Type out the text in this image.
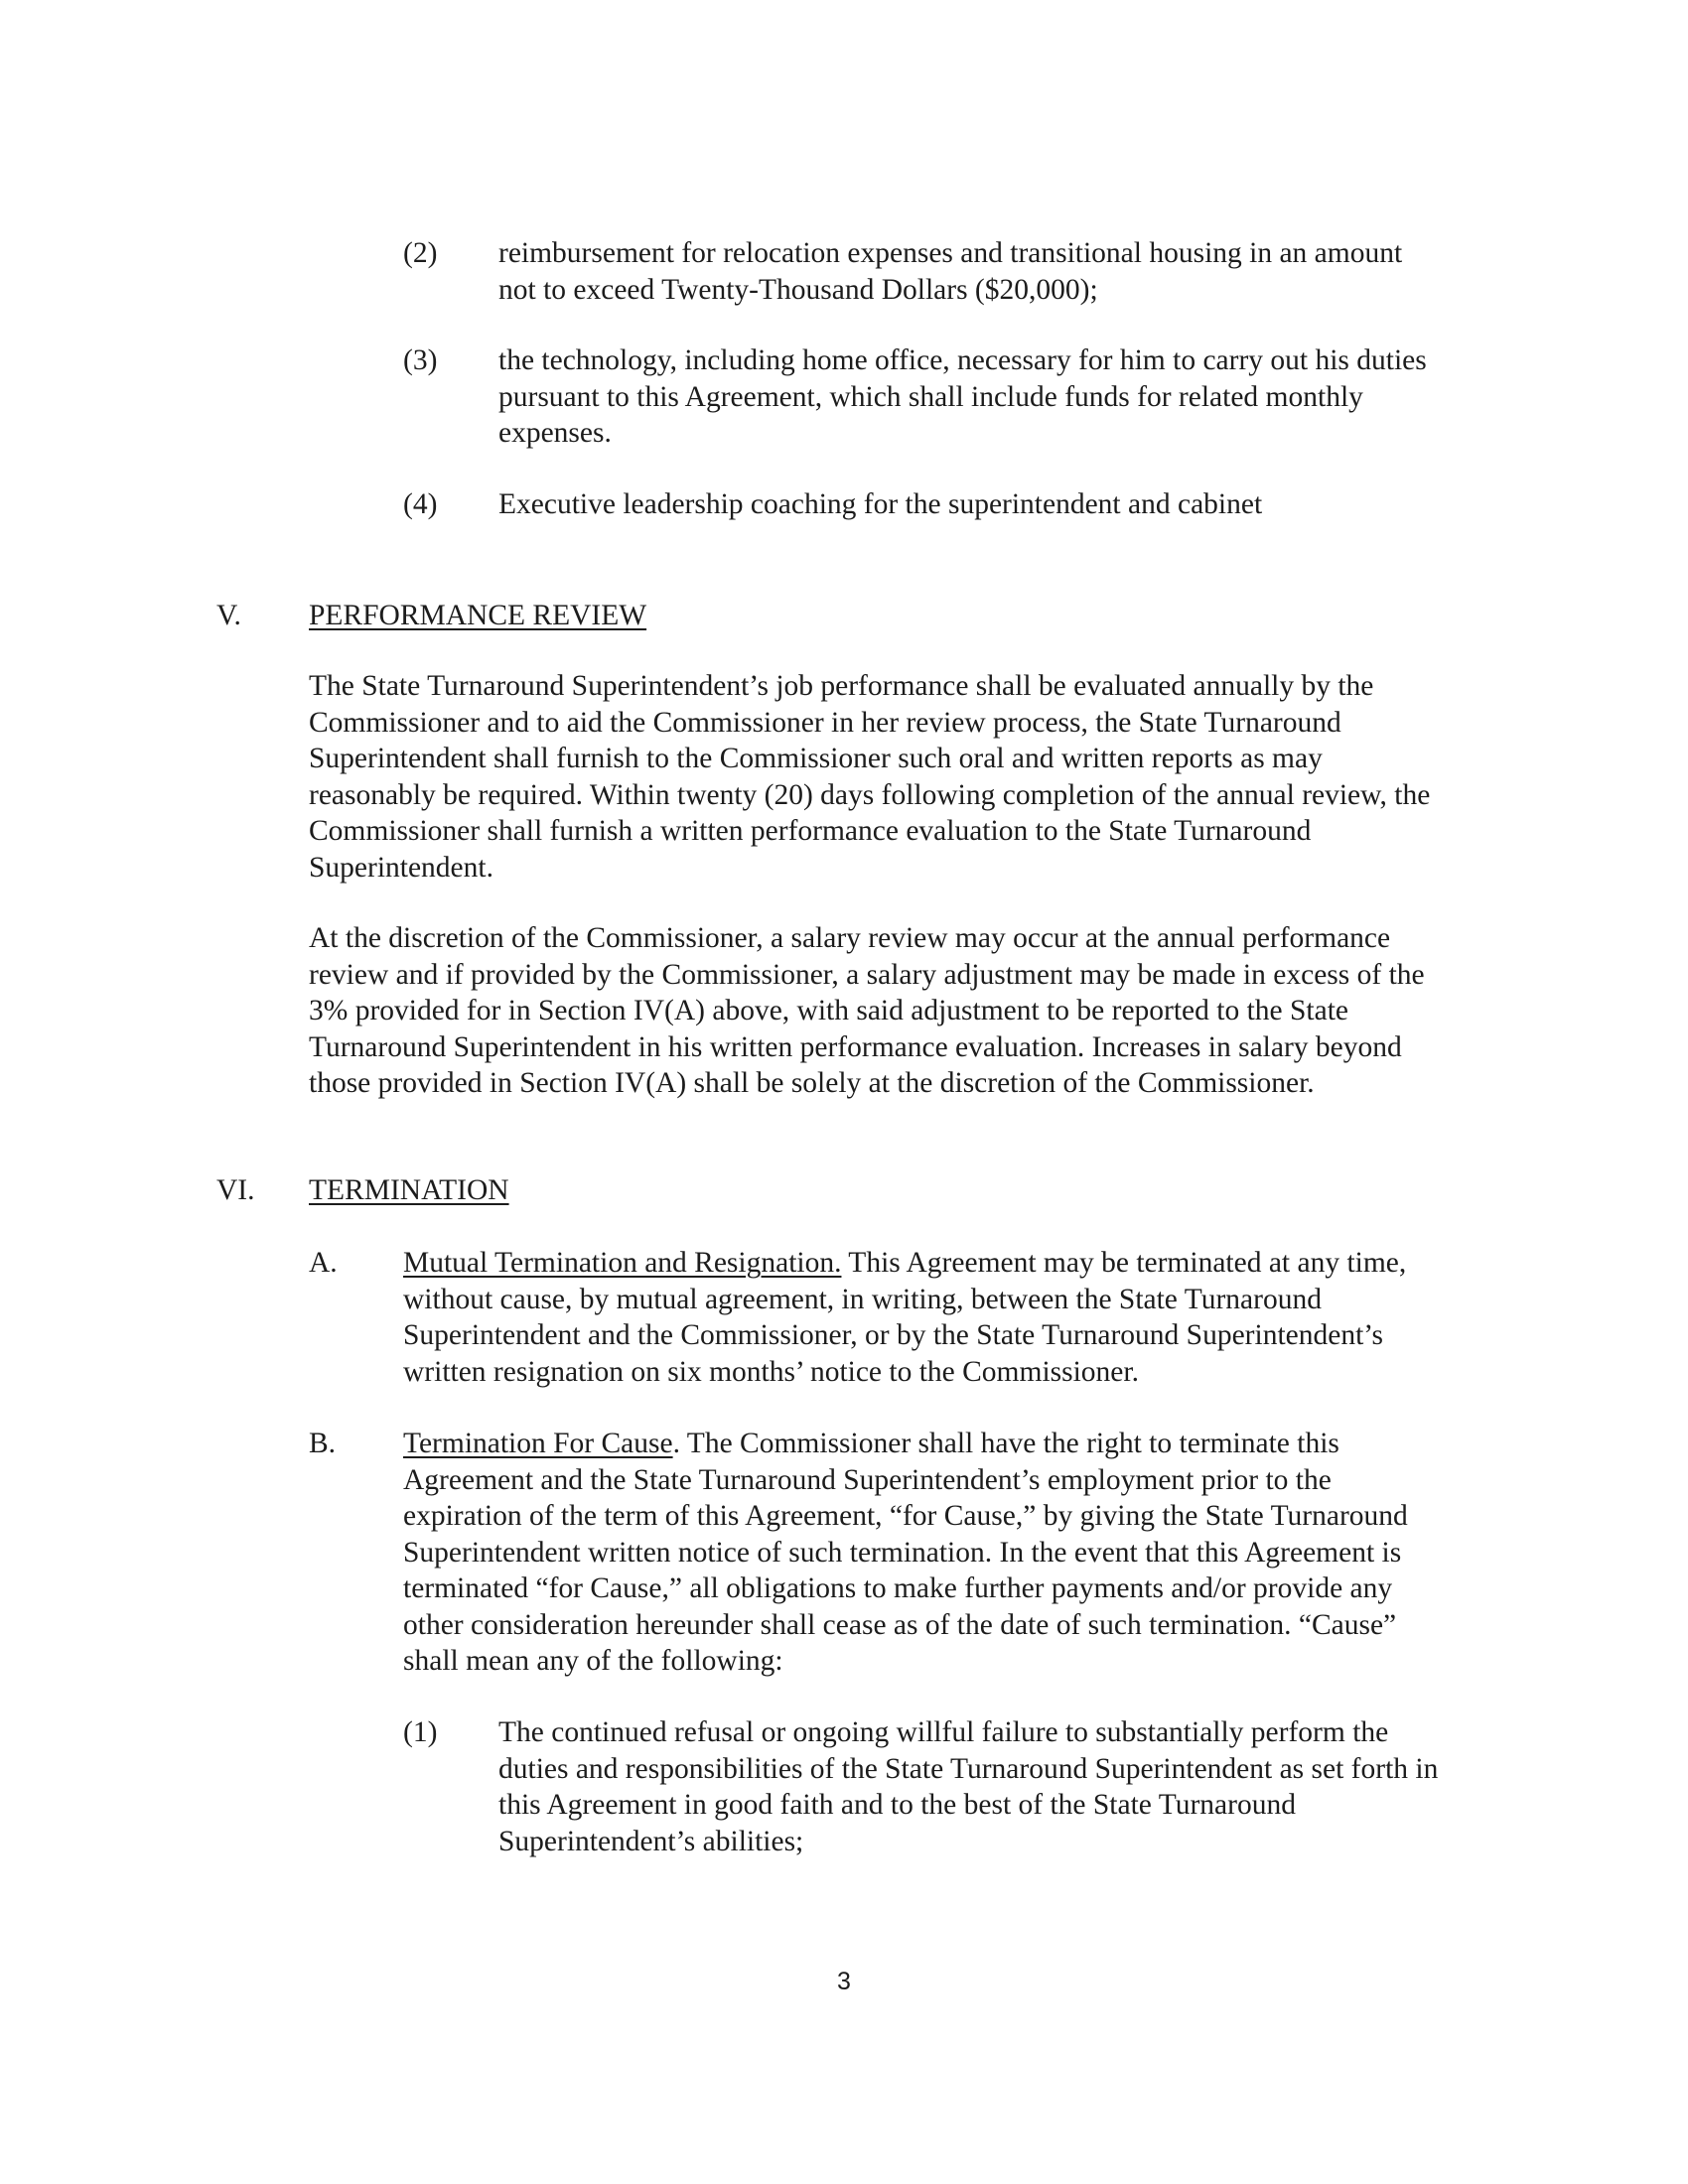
(2) reimbursement for relocation expenses and transitional housing in an amount not to exceed Twenty-Thousand Dollars ($20,000);
(3) the technology, including home office, necessary for him to carry out his duties pursuant to this Agreement, which shall include funds for related monthly expenses.
(4) Executive leadership coaching for the superintendent and cabinet
V. PERFORMANCE REVIEW
The State Turnaround Superintendent’s job performance shall be evaluated annually by the Commissioner and to aid the Commissioner in her review process, the State Turnaround Superintendent shall furnish to the Commissioner such oral and written reports as may reasonably be required. Within twenty (20) days following completion of the annual review, the Commissioner shall furnish a written performance evaluation to the State Turnaround Superintendent.
At the discretion of the Commissioner, a salary review may occur at the annual performance review and if provided by the Commissioner, a salary adjustment may be made in excess of the 3% provided for in Section IV(A) above, with said adjustment to be reported to the State Turnaround Superintendent in his written performance evaluation. Increases in salary beyond those provided in Section IV(A) shall be solely at the discretion of the Commissioner.
VI. TERMINATION
A. Mutual Termination and Resignation. This Agreement may be terminated at any time, without cause, by mutual agreement, in writing, between the State Turnaround Superintendent and the Commissioner, or by the State Turnaround Superintendent’s written resignation on six months’ notice to the Commissioner.
B. Termination For Cause. The Commissioner shall have the right to terminate this Agreement and the State Turnaround Superintendent’s employment prior to the expiration of the term of this Agreement, “for Cause,” by giving the State Turnaround Superintendent written notice of such termination. In the event that this Agreement is terminated “for Cause,” all obligations to make further payments and/or provide any other consideration hereunder shall cease as of the date of such termination. “Cause” shall mean any of the following:
(1) The continued refusal or ongoing willful failure to substantially perform the duties and responsibilities of the State Turnaround Superintendent as set forth in this Agreement in good faith and to the best of the State Turnaround Superintendent’s abilities;
3
